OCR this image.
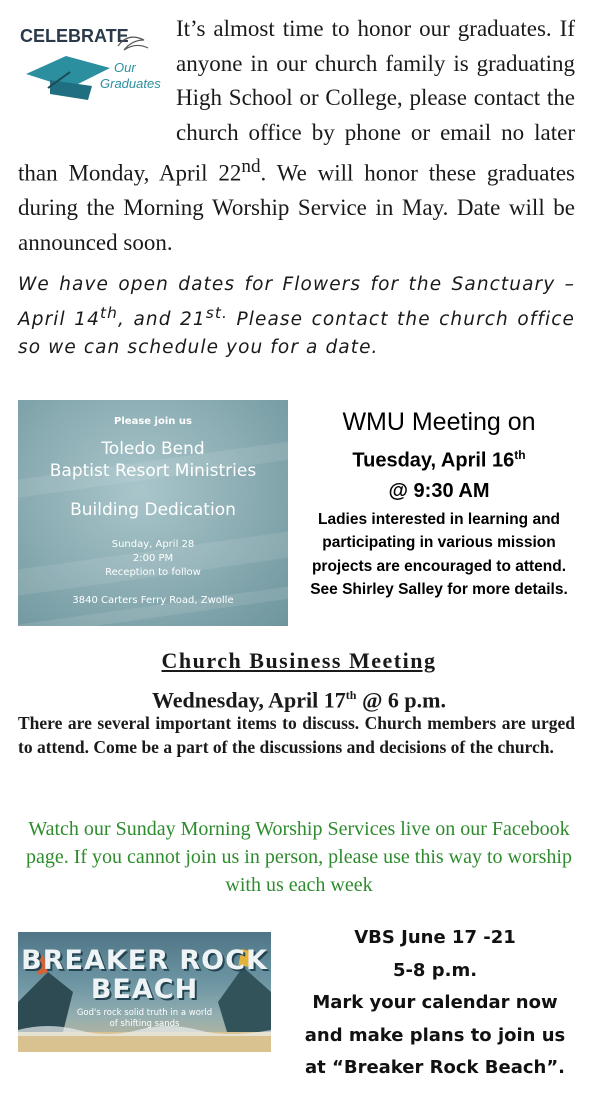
CELEBRATE
Our
Graduates

It’s almost time to honor our graduates. If anyone in our church family is graduating High School or College, please contact the church office by phone or email no later than Monday, April 22nd. We will honor these graduates during the Morning Worship Service in May. Date will be announced soon.

We have open dates for Flowers for the Sanctuary – April 14th, and $21^{st.}$ Please contact the church office so we can schedule you for a date.

Please join us
Toledo Bend
Baptist Resort Ministries
Building Dedication
Sunday, April 28
2:00 PM
Reception to follow
3840 Carters Ferry Road, Zwolle
WMU Meeting on
Tuesday, April 16th
@ 9:30 AM
Ladies interested in learning and participating in various mission projects are encouraged to attend. See Shirley Salley for more details.
Church Business Meeting
Wednesday, April 17th @ 6 p.m.

There are several important items to discuss. Church members are urged to attend. Come be a part of the discussions and decisions of the church.

Watch our Sunday Morning Worship Services live on our Facebook page. If you cannot join us in person, please use this way to worship with us each week

BREAKER ROCK
BEACH
God's rock solid truth in a world
of shifting sands
VBS June 17 -21
5-8 p.m.
Mark your calendar now
and make plans to join us
at “Breaker Rock Beach”.
